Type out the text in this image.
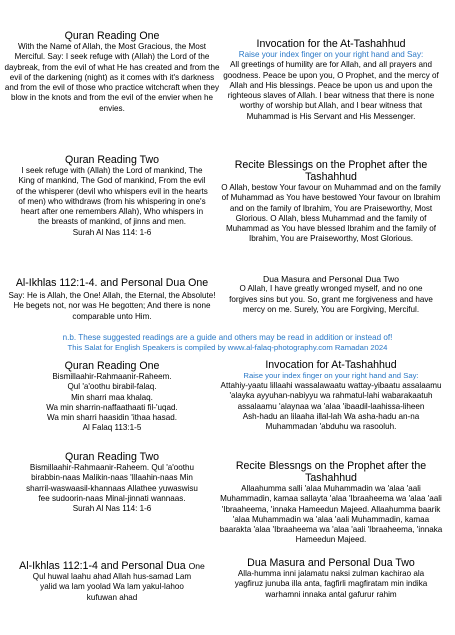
Quran Reading One

With the Name of Allah, the Most Gracious, the Most Merciful. Say: I seek refuge with (Allah) the Lord of the daybreak, from the evil of what He has created and from the evil of the darkening (night) as it comes with it's darkness and from the evil of those who practice witchcraft when they blow in the knots and from the evil of the envier when he envies.

Quran Reading Two

I seek refuge with (Allah) the Lord of mankind, The King of mankind, The God of mankind, From the evil of the whisperer (devil who whispers evil in the hearts of men) who withdraws (from his whispering in one's heart after one remembers Allah), Who whispers in the breasts of mankind, of jinns and men.

Surah Al Nas 114: 1-6

Al-Ikhlas 112:1-4. and Personal Dua One

Say: He is Allah, the One! Allah, the Eternal, the Absolute! He begets not, nor was He begotten; And there is none comparable unto Him.

Invocation for the At-Tashahhud

Raise your index finger on your right hand and Say:

All greetings of humility are for Allah, and all prayers and goodness. Peace be upon you, O Prophet, and the mercy of Allah and His blessings. Peace be upon us and upon the righteous slaves of Allah. I bear witness that there is none worthy of worship but Allah, and I bear witness that Muhammad is His Servant and His Messenger.

Recite Blessings on the Prophet after the Tashahhud

O Allah, bestow Your favour on Muhammad and on the family of Muhammad as You have bestowed Your favour on Ibrahim and on the family of Ibrahim, You are Praiseworthy, Most Glorious. O Allah, bless Muhammad and the family of Muhammad as You have blessed Ibrahim and the family of Ibrahim, You are Praiseworthy, Most Glorious.

Dua Masura and Personal Dua Two

O Allah, I have greatly wronged myself, and no one forgives sins but you. So, grant me forgiveness and have mercy on me. Surely, You are Forgiving, Merciful.

n.b. These suggested readings are a guide and others may be read in addition or instead of!

This Salat for English Speakers is compiled by www.al-falaq-photography.com Ramadan 2024

Quran Reading One

Bismillaahir-Rahmaanir-Raheem.

Qul 'a'oothu birabil-falaq.

Min sharri maa khalaq.

Wa min sharrin-naffaathaati fil-'uqad.

Wa min sharri haasidin 'ithaa hasad.

Al Falaq 113:1-5

Quran Reading Two

Bismillaahir-Rahmaanir-Raheem. Qul 'a'oothu birabbin-naas Malikin-naas 'Illaahin-naas Min sharril-waswaasil-khannaas Allathee yuwaswisu fee sudoorin-naas Minal-jinnati wannaas.

Surah Al Nas 114: 1-6

Al-Ikhlas 112:1-4 and Personal Dua One

Qul huwal laahu ahad Allah hus-samad Lam yalid wa lam yoolad Wa lam yakul-lahoo kufuwan ahad

Invocation for At-Tashahhud

Raise your index finger on your right hand and Say:

Attahiy-yaatu lillaahi wassalawaatu wattay-yibaatu assalaamu 'alayka ayyuhan-nabiyyu wa rahmatul-lahi wabarakaatuh assalaamu 'alaynaa wa 'alaa 'ibaadil-laahissa-liheen

Ash-hadu an lilaaha illal-lah Wa asha-hadu an-na Muhammadan 'abduhu wa rasooluh.

Recite Blessngs on the Prophet after the Tashahhud

Allaahumma salli 'alaa Muhammadin wa 'alaa 'aali Muhammadin, kamaa sallayta 'alaa 'Ibraaheema wa 'alaa 'aali 'Ibraaheema, 'innaka Hameedun Majeed. Allaahumma baarik 'alaa Muhammadin wa 'alaa 'aali Muhammadin, kamaa baarakta 'alaa 'Ibraaheema wa 'alaa 'aali 'Ibraaheema, 'innaka Hameedun Majeed.

Dua Masura and Personal Dua Two

Alla-humma inni jalamatu naksi zulman kachirao ala yagfiruz junuba illa anta, fagfirli magfiratam min indika warhamni innaka antal gafurur rahim
